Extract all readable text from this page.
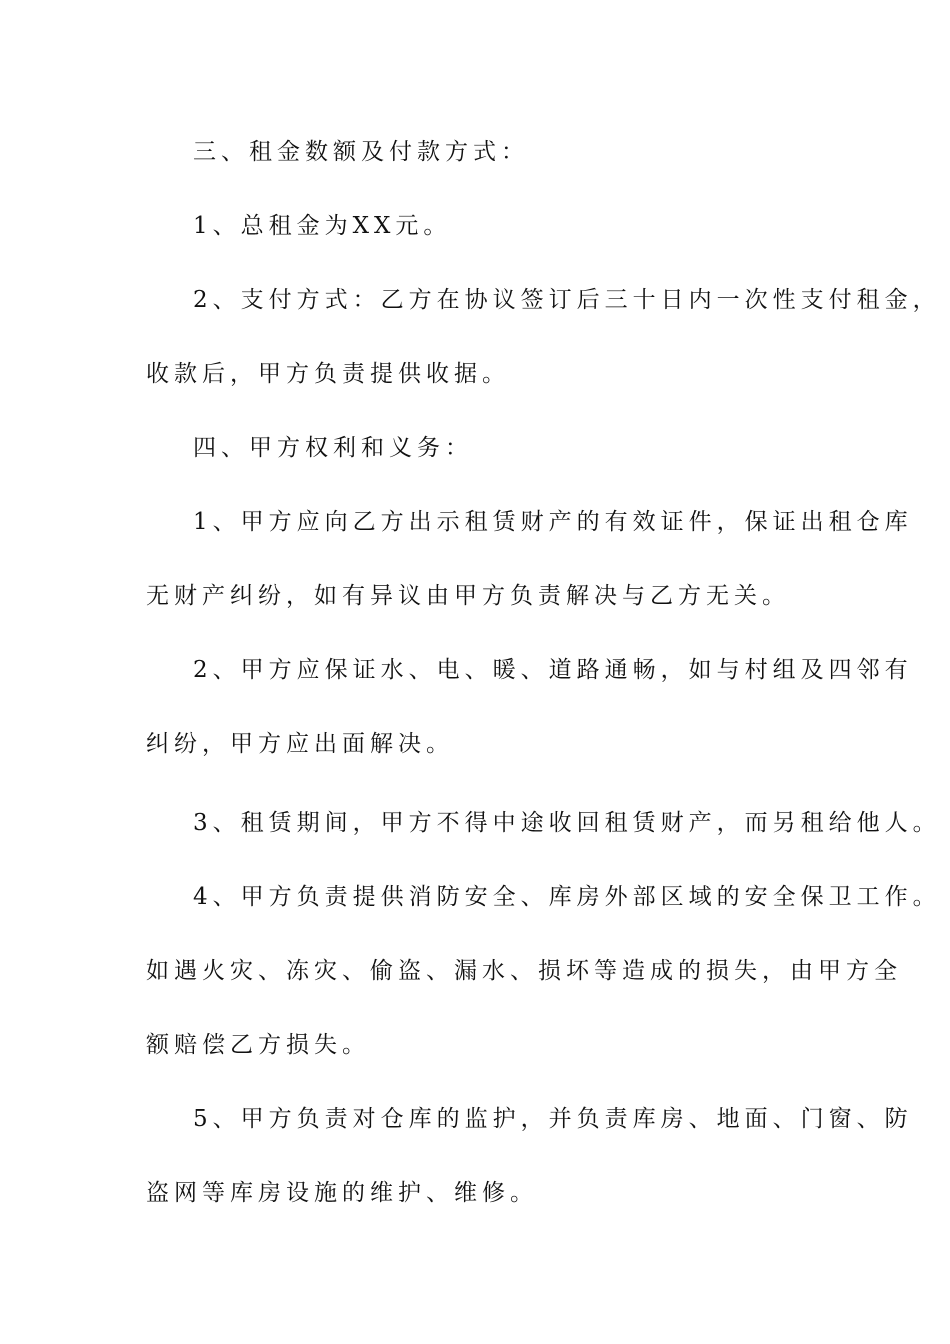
三、租金数额及付款方式：
1、总租金为XX元。
2、支付方式：乙方在协议签订后三十日内一次性支付租金，
收款后，甲方负责提供收据。
四、甲方权利和义务：
1、甲方应向乙方出示租赁财产的有效证件，保证出租仓库
无财产纠纷，如有异议由甲方负责解决与乙方无关。
2、甲方应保证水、电、暖、道路通畅，如与村组及四邻有
纠纷，甲方应出面解决。
3、租赁期间，甲方不得中途收回租赁财产，而另租给他人。
4、甲方负责提供消防安全、库房外部区域的安全保卫工作。
如遇火灾、冻灾、偷盗、漏水、损坏等造成的损失，由甲方全
额赔偿乙方损失。
5、甲方负责对仓库的监护，并负责库房、地面、门窗、防
盗网等库房设施的维护、维修。
